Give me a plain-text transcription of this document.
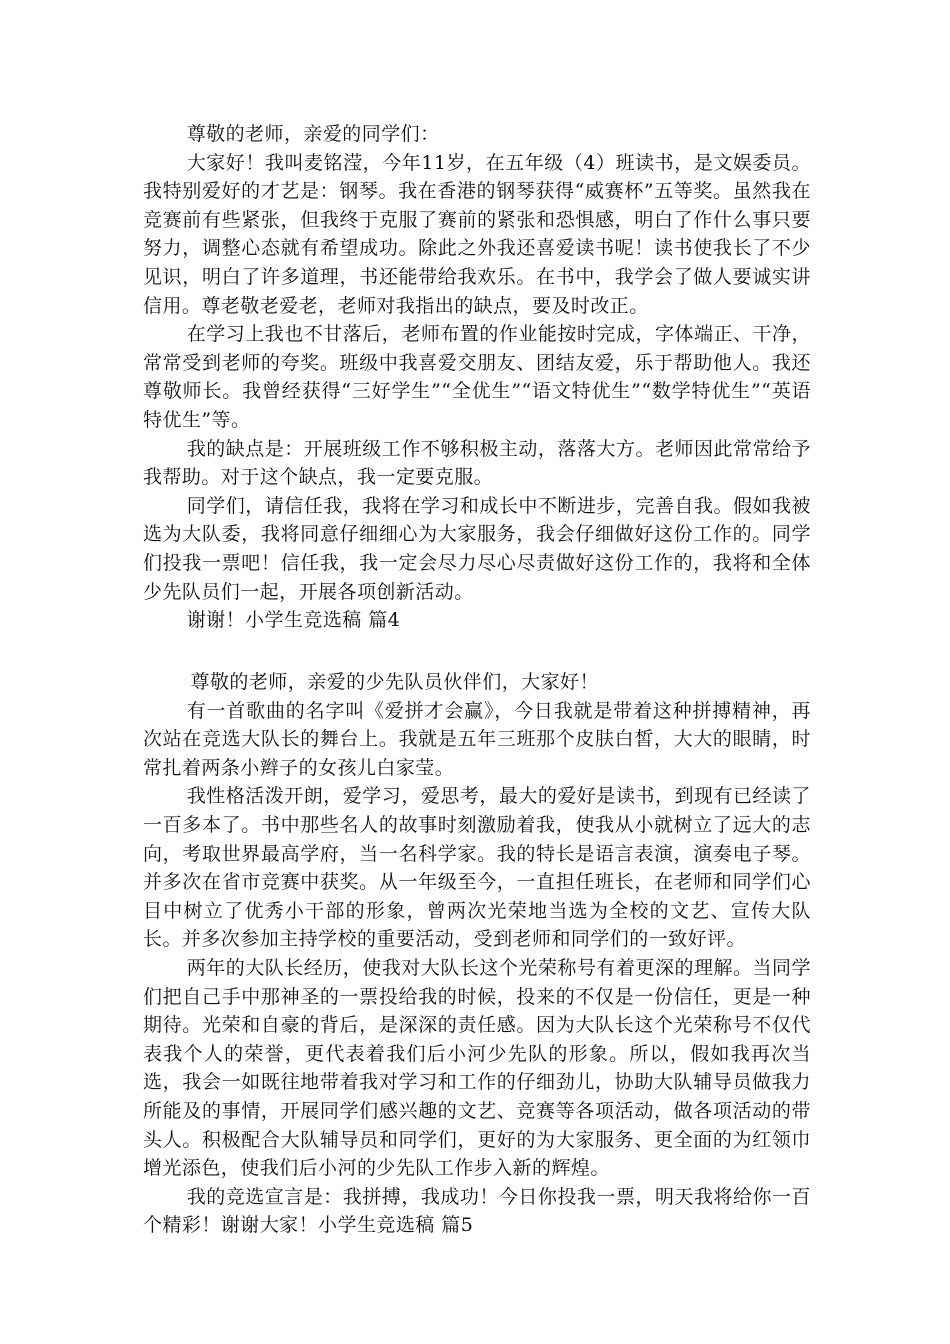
尊敬的老师，亲爱的同学们：

大家好！我叫麦铭滢，今年11岁，在五年级（4）班读书，是文娱委员。我特别爱好的才艺是：钢琴。我在香港的钢琴获得“威赛杯”五等奖。虽然我在竞赛前有些紧张，但我终于克服了赛前的紧张和恐惧感，明白了作什么事只要努力，调整心态就有希望成功。除此之外我还喜爱读书呢！读书使我长了不少见识，明白了许多道理，书还能带给我欢乐。在书中，我学会了做人要诚实讲信用。尊老敬老爱老，老师对我指出的缺点，要及时改正。

在学习上我也不甘落后，老师布置的作业能按时完成，字体端正、干净，常常受到老师的夸奖。班级中我喜爱交朋友、团结友爱，乐于帮助他人。我还尊敬师长。我曾经获得“三好学生”“全优生”“语文特优生”“数学特优生”“英语特优生”等。

我的缺点是：开展班级工作不够积极主动，落落大方。老师因此常常给予我帮助。对于这个缺点，我一定要克服。

同学们，请信任我，我将在学习和成长中不断进步，完善自我。假如我被选为大队委，我将同意仔细细心为大家服务，我会仔细做好这份工作的。同学们投我一票吧！信任我，我一定会尽力尽心尽责做好这份工作的，我将和全体少先队员们一起，开展各项创新活动。

谢谢！小学生竞选稿 篇4

尊敬的老师，亲爱的少先队员伙伴们，大家好！

有一首歌曲的名字叫《爱拼才会赢》，今日我就是带着这种拼搏精神，再次站在竞选大队长的舞台上。我就是五年三班那个皮肤白皙，大大的眼睛，时常扎着两条小辫子的女孩儿白家莹。

我性格活泼开朗，爱学习，爱思考，最大的爱好是读书，到现有已经读了一百多本了。书中那些名人的故事时刻激励着我，使我从小就树立了远大的志向，考取世界最高学府，当一名科学家。我的特长是语言表演，演奏电子琴。并多次在省市竞赛中获奖。从一年级至今，一直担任班长，在老师和同学们心目中树立了优秀小干部的形象，曾两次光荣地当选为全校的文艺、宣传大队长。并多次参加主持学校的重要活动，受到老师和同学们的一致好评。

两年的大队长经历，使我对大队长这个光荣称号有着更深的理解。当同学们把自己手中那神圣的一票投给我的时候，投来的不仅是一份信任，更是一种期待。光荣和自豪的背后，是深深的责任感。因为大队长这个光荣称号不仅代表我个人的荣誉，更代表着我们后小河少先队的形象。所以，假如我再次当选，我会一如既往地带着我对学习和工作的仔细劲儿，协助大队辅导员做我力所能及的事情，开展同学们感兴趣的文艺、竞赛等各项活动，做各项活动的带头人。积极配合大队辅导员和同学们，更好的为大家服务、更全面的为红领巾增光添色，使我们后小河的少先队工作步入新的辉煌。

我的竞选宣言是：我拼搏，我成功！今日你投我一票，明天我将给你一百个精彩！谢谢大家！小学生竞选稿 篇5
